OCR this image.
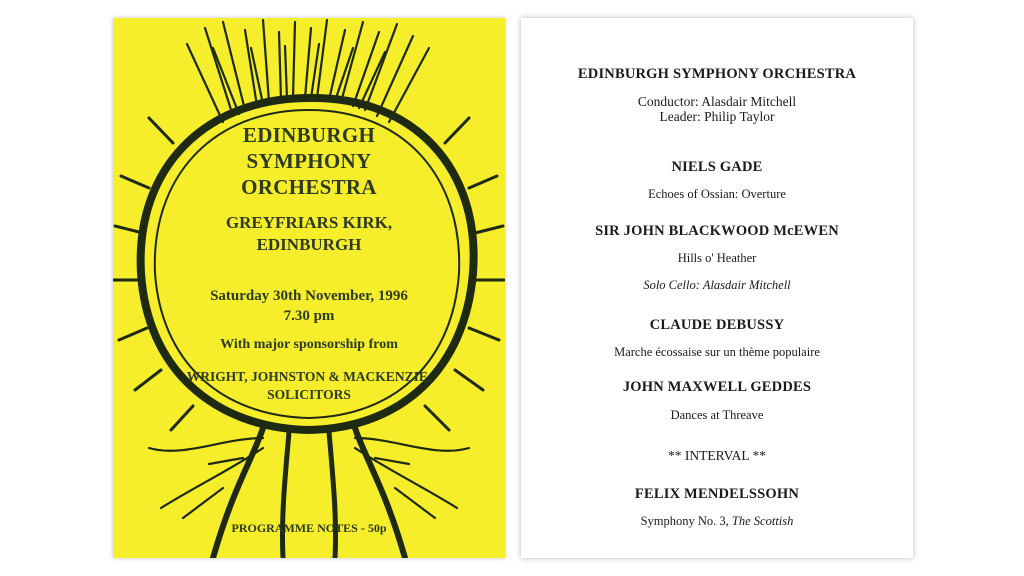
EDINBURGH
SYMPHONY
ORCHESTRA
GREYFRIARS KIRK,
EDINBURGH
Saturday 30th November, 1996
7.30 pm
With major sponsorship from
WRIGHT, JOHNSTON & MACKENZIE,
SOLICITORS
PROGRAMME NOTES - 50p
EDINBURGH SYMPHONY ORCHESTRA
Conductor: Alasdair Mitchell
Leader: Philip Taylor
NIELS GADE
Echoes of Ossian: Overture
SIR JOHN BLACKWOOD McEWEN
Hills o' Heather
Solo Cello: Alasdair Mitchell
CLAUDE DEBUSSY
Marche écossaise sur un thème populaire
JOHN MAXWELL GEDDES
Dances at Threave
** INTERVAL **
FELIX MENDELSSOHN
Symphony No. 3, The Scottish
